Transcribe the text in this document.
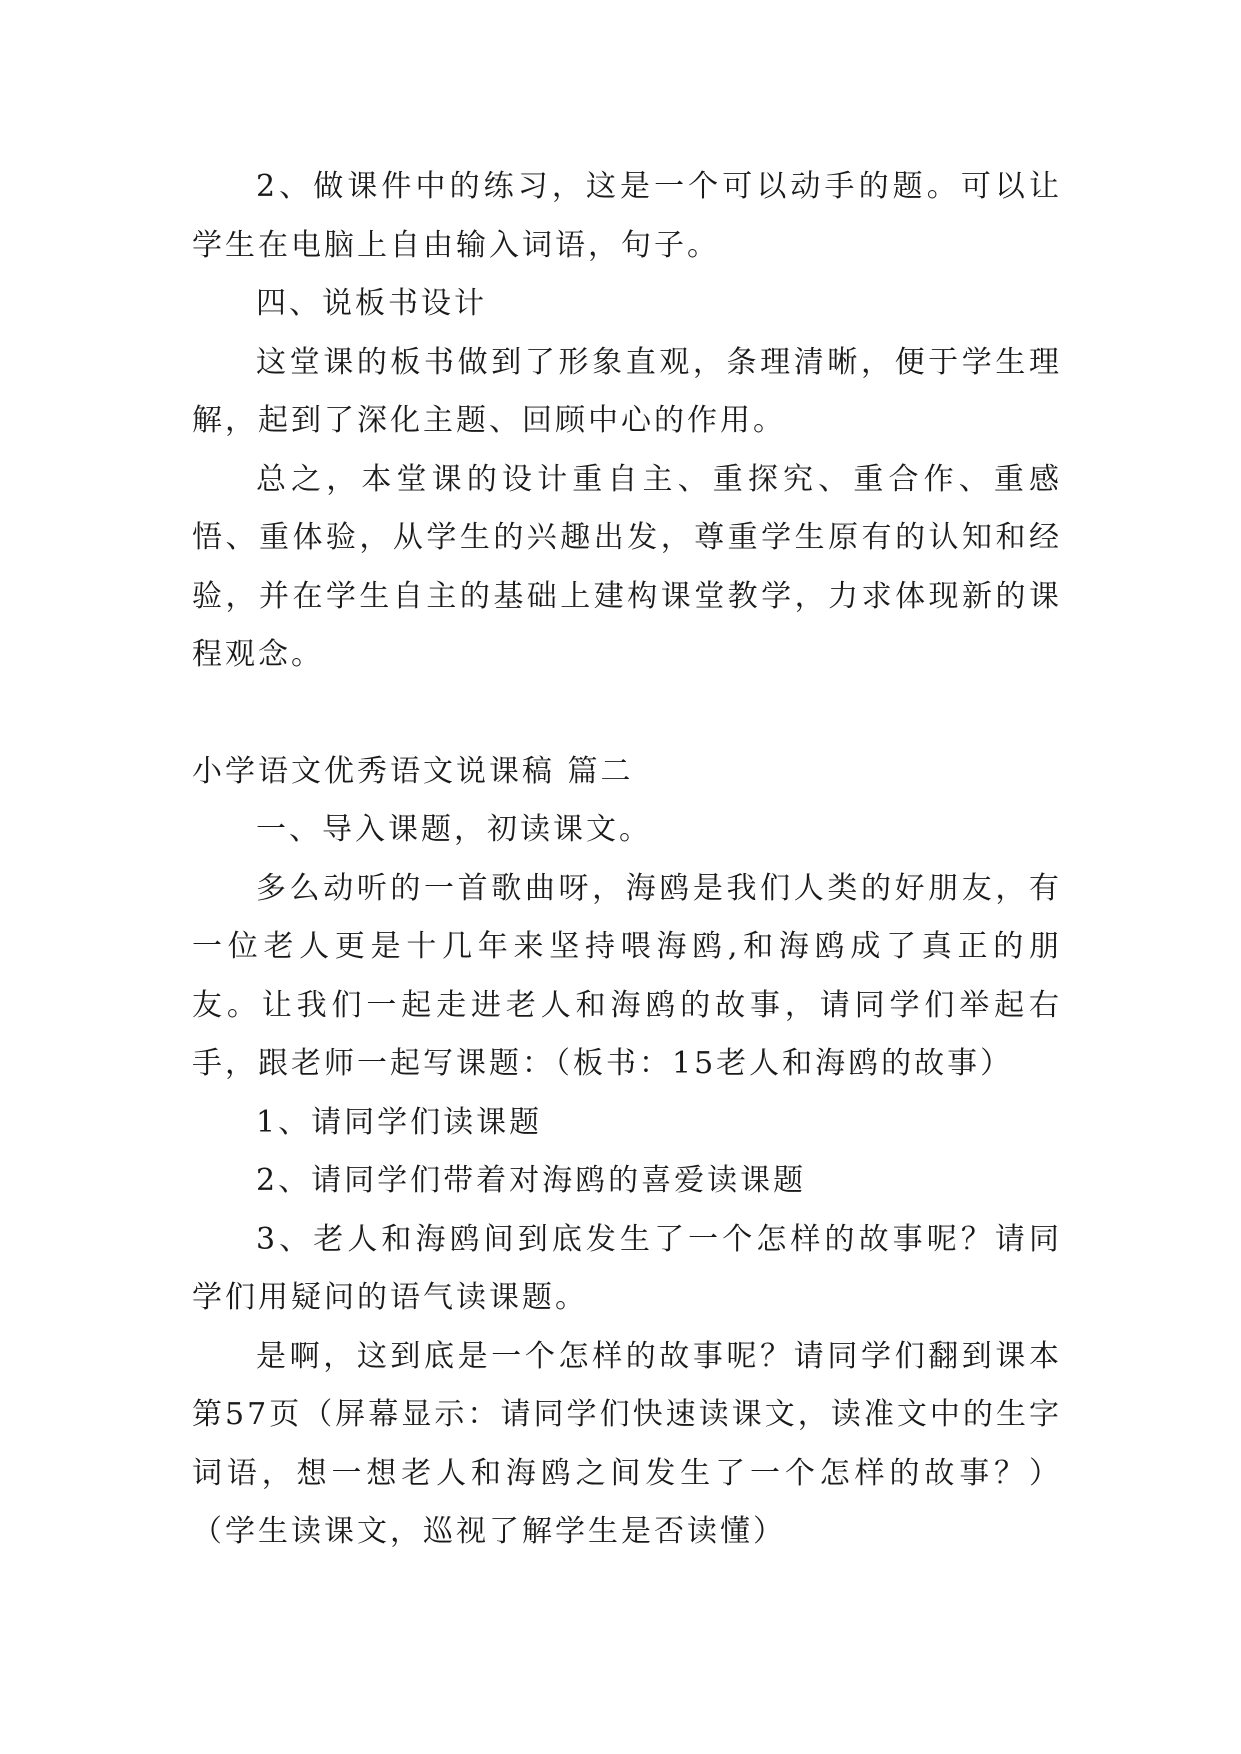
2、做课件中的练习，这是一个可以动手的题。可以让学生在电脑上自由输入词语，句子。

四、说板书设计

这堂课的板书做到了形象直观，条理清晰，便于学生理解，起到了深化主题、回顾中心的作用。

总之，本堂课的设计重自主、重探究、重合作、重感悟、重体验，从学生的兴趣出发，尊重学生原有的认知和经验，并在学生自主的基础上建构课堂教学，力求体现新的课程观念。

小学语文优秀语文说课稿 篇二

一、导入课题，初读课文。

多么动听的一首歌曲呀，海鸥是我们人类的好朋友，有一位老人更是十几年来坚持喂海鸥,和海鸥成了真正的朋友。让我们一起走进老人和海鸥的故事，请同学们举起右手，跟老师一起写课题：（板书：15老人和海鸥的故事）

1、请同学们读课题

2、请同学们带着对海鸥的喜爱读课题

3、老人和海鸥间到底发生了一个怎样的故事呢？请同学们用疑问的语气读课题。

是啊，这到底是一个怎样的故事呢？请同学们翻到课本第57页（屏幕显示：请同学们快速读课文，读准文中的生字词语，想一想老人和海鸥之间发生了一个怎样的故事？）（学生读课文，巡视了解学生是否读懂）
